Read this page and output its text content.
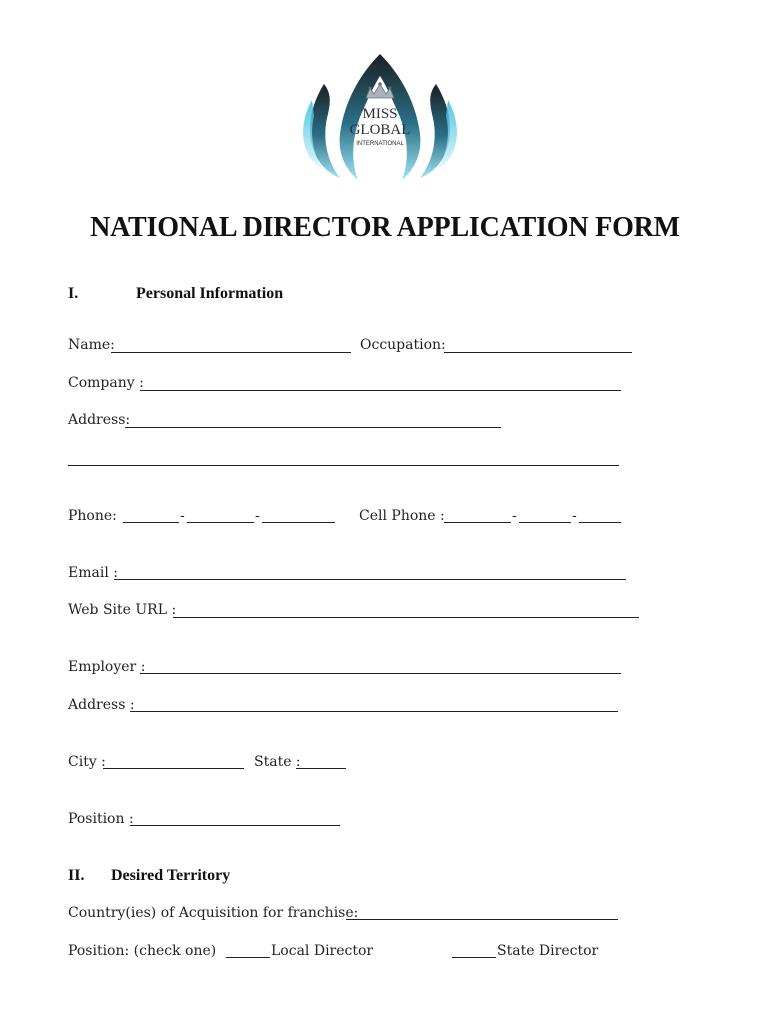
MISS
GLOBAL
INTERNATIONAL
NATIONAL DIRECTOR APPLICATION FORM
I.	Personal Information
Name:	Occupation:
Company :
Address:
Phone:	-	-	Cell Phone :	-	-
Email :
Web Site URL :
Employer :
Address :
City :	State :
Position :
II. Desired Territory
Country(ies) of Acquisition for franchise:
Position: (check one)	Local Director	State Director
